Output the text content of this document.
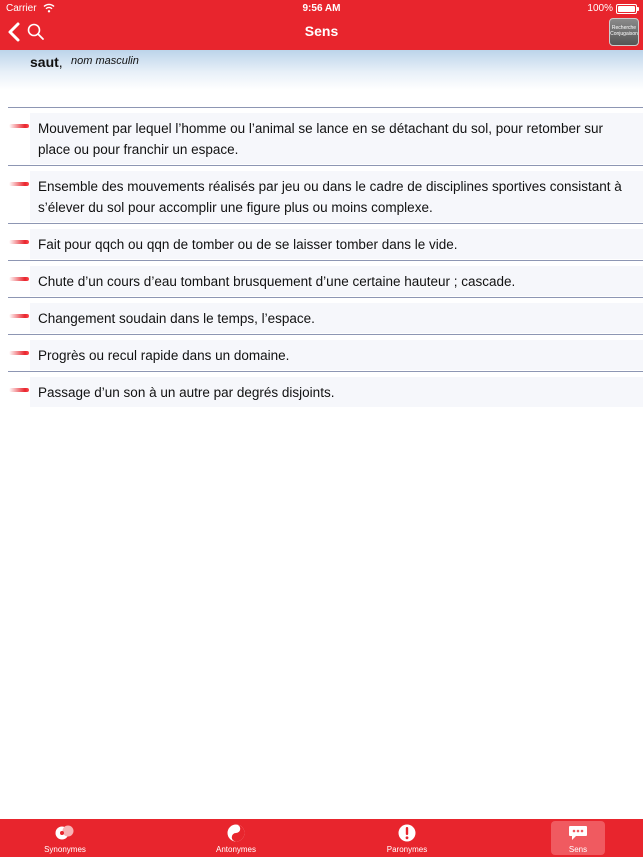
Carrier	9:56 AM	100%
Sens	Recherche Conjugaison
saut, nom masculin
Mouvement par lequel l’homme ou l’animal se lance en se détachant du sol, pour retomber sur place ou pour franchir un espace.
Ensemble des mouvements réalisés par jeu ou dans le cadre de disciplines sportives consistant à s’élever du sol pour accomplir une figure plus ou moins complexe.
Fait pour qqch ou qqn de tomber ou de se laisser tomber dans le vide.
Chute d’un cours d’eau tombant brusquement d’une certaine hauteur ; cascade.
Changement soudain dans le temps, l’espace.
Progrès ou recul rapide dans un domaine.
Passage d’un son à un autre par degrés disjoints.
Synonymes	Antonymes	Paronymes	Sens
